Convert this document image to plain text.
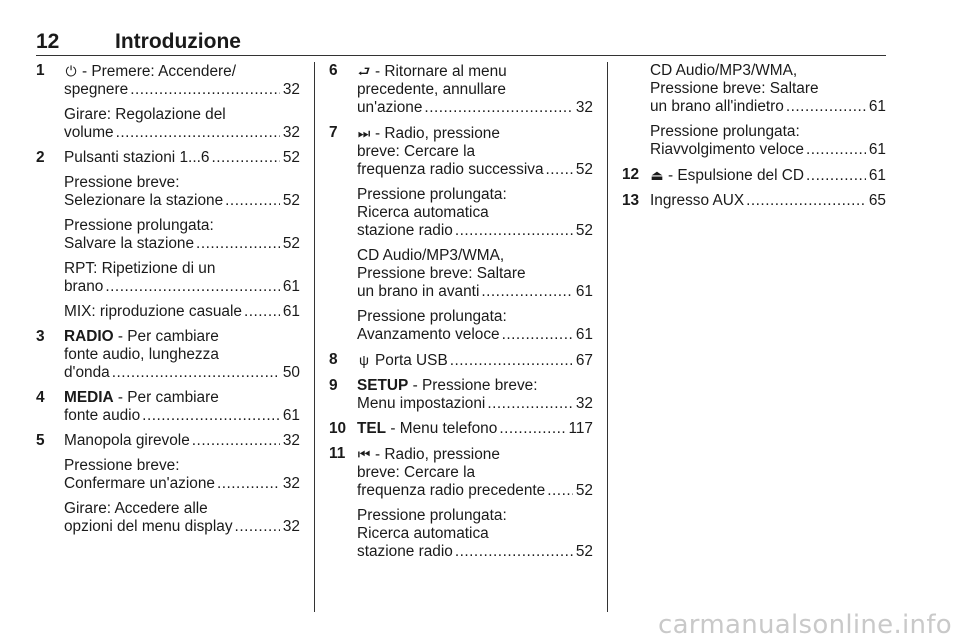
12	Introduzione
1 ⏻ - Premere: Accendere/
spegnere .....	32
Girare: Regolazione del
volume .....	32
2 Pulsanti stazioni 1...6 .....	52
Pressione breve:
Selezionare la stazione .....	52
Pressione prolungata:
Salvare la stazione .....	52
RPT: Ripetizione di un
brano .....	61
MIX: riproduzione casuale .....	61
3 RADIO - Per cambiare
fonte audio, lunghezza
d'onda .....	50
4 MEDIA - Per cambiare
fonte audio .....	61
5 Manopola girevole .....	32
Pressione breve:
Confermare un'azione .....	32
Girare: Accedere alle
opzioni del menu display .....	32
6 ⮐ - Ritornare al menu
precedente, annullare
un'azione .....	32
7 ⏭ - Radio, pressione
breve: Cercare la
frequenza radio successiva ..... 52
Pressione prolungata:
Ricerca automatica
stazione radio .....	52
CD Audio/MP3/WMA,
Pressione breve: Saltare
un brano in avanti .....	61
Pressione prolungata:
Avanzamento veloce .....	61
8 ψ Porta USB .....	67
9 SETUP - Pressione breve:
Menu impostazioni .....	32
10 TEL - Menu telefono .....	117
11 ⏮ - Radio, pressione
breve: Cercare la
frequenza radio precedente ..... 52
Pressione prolungata:
Ricerca automatica
stazione radio .....	52
CD Audio/MP3/WMA,
Pressione breve: Saltare
un brano all'indietro .....	61
Pressione prolungata:
Riavvolgimento veloce .....	61
12 ⏏ - Espulsione del CD .....	61
13 Ingresso AUX .....	65
carmanualsonline.info
